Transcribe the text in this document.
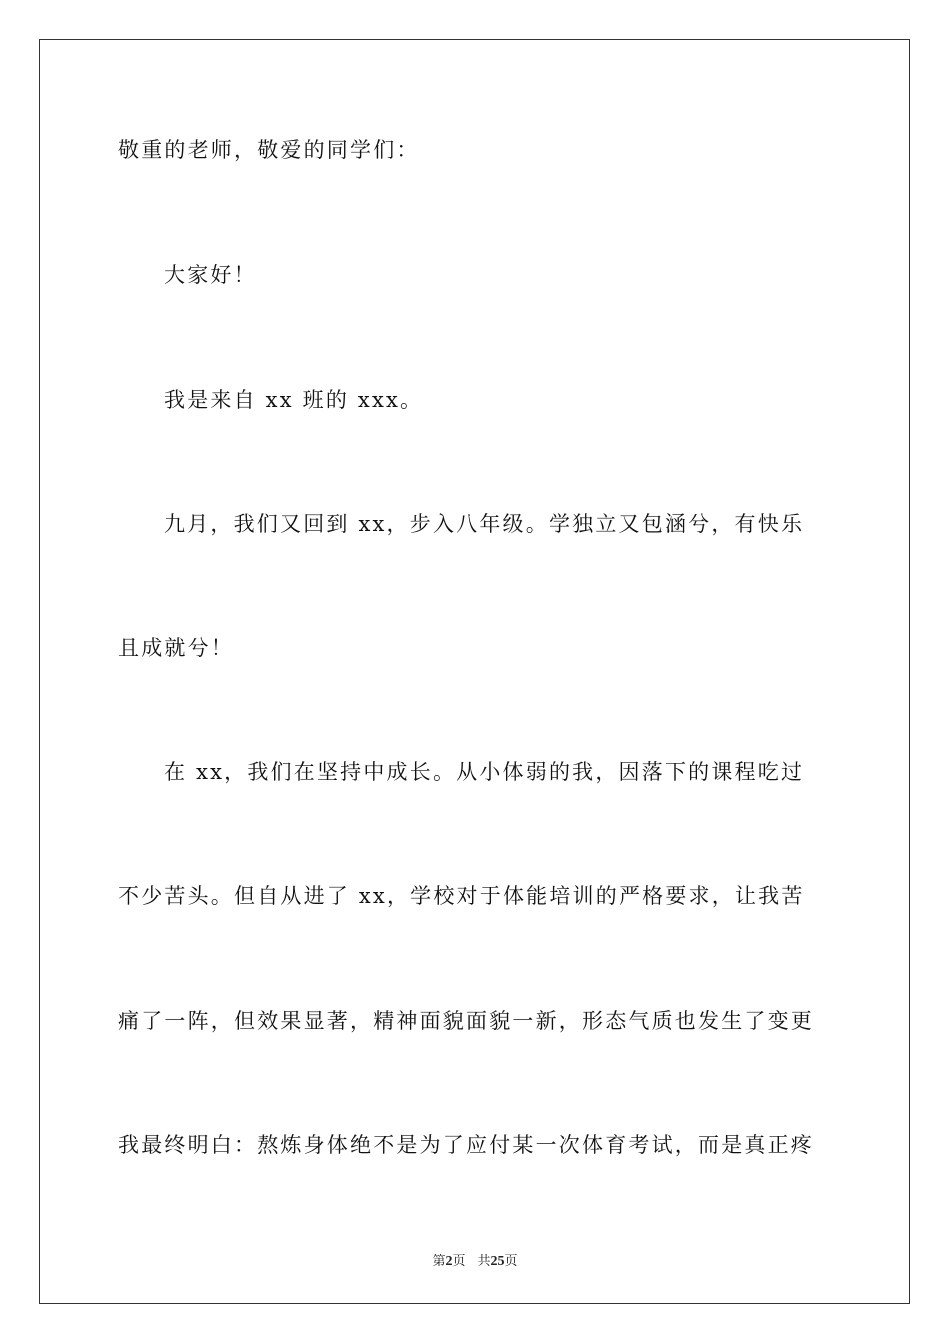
敬重的老师，敬爱的同学们：
大家好！
我是来自 xx 班的 xxx。
九月，我们又回到 xx，步入八年级。学独立又包涵兮，有快乐
且成就兮！
在 xx，我们在坚持中成长。从小体弱的我，因落下的课程吃过
不少苦头。但自从进了 xx，学校对于体能培训的严格要求，让我苦
痛了一阵，但效果显著，精神面貌面貌一新，形态气质也发生了变更
我最终明白：熬炼身体绝不是为了应付某一次体育考试，而是真正疼
第2页 共25页
